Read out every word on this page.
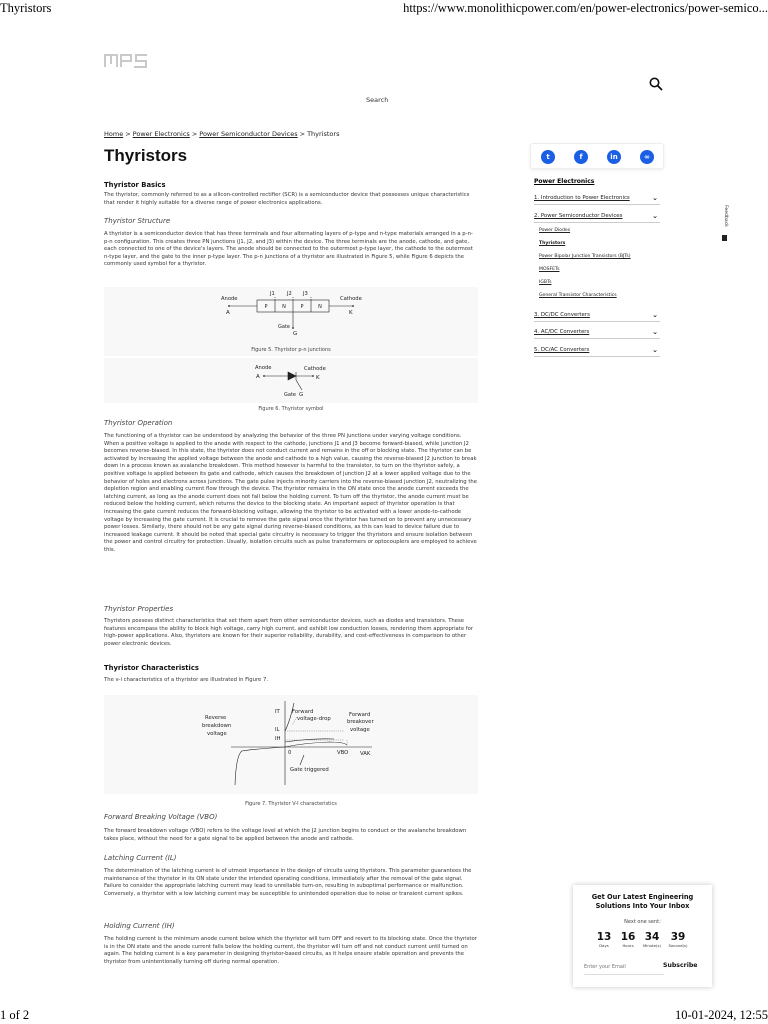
Thyristors	https://www.monolithicpower.com/en/power-electronics/power-semico...
Search
Home > Power Electronics > Power Semiconductor Devices > Thyristors
Thyristors	t	f	in	∞
Thyristor Basics
The thyristor, commonly referred to as a silicon-controlled rectifier (SCR) is a semiconductor device that possesses unique characteristics that render it highly suitable for a diverse range of power electronics applications.
Thyristor Structure
A thyristor is a semiconductor device that has three terminals and four alternating layers of p-type and n-type materials arranged in a p-n-p-n configuration. This creates three PN junctions (J1, J2, and J3) within the device. The three terminals are the anode, cathode, and gate, each connected to one of the device's layers. The anode should be connected to the outermost p-type layer, the cathode to the outermost n-type layer, and the gate to the inner p-type layer. The p-n junctions of a thyristor are illustrated in Figure 5, while Figure 6 depicts the commonly used symbol for a thyristor.
Anode	Cathode
J1 J2 J3
A	K
Gate
G
P	N	P	N
Figure 5. Thyristor p-n junctions
Anode	Cathode
A	K
Gate G
Figure 6. Thyristor symbol
Thyristor Operation
The functioning of a thyristor can be understood by analyzing the behavior of the three PN junctions under varying voltage conditions. When a positive voltage is applied to the anode with respect to the cathode, junctions J1 and J3 become forward-biased, while junction J2 becomes reverse-biased. In this state, the thyristor does not conduct current and remains in the off or blocking state. The thyristor can be activated by increasing the applied voltage between the anode and cathode to a high value, causing the reverse-biased J2 junction to break down in a process known as avalanche breakdown. This method however is harmful to the transistor, to turn on the thyristor safely, a positive voltage is applied between its gate and cathode, which causes the breakdown of junction J2 at a lower applied voltage due to the behavior of holes and electrons across junctions. The gate pulse injects minority carriers into the reverse-biased junction J2, neutralizing the depletion region and enabling current flow through the device. The thyristor remains in the ON state once the anode current exceeds the latching current, as long as the anode current does not fall below the holding current. To turn off the thyristor, the anode current must be reduced below the holding current, which returns the device to the blocking state. An important aspect of thyristor operation is that increasing the gate current reduces the forward-blocking voltage, allowing the thyristor to be activated with a lower anode-to-cathode voltage by increasing the gate current. It is crucial to remove the gate signal once the thyristor has turned on to prevent any unnecessary power losses. Similarly, there should not be any gate signal during reverse-biased conditions, as this can lead to device failure due to increased leakage current. It should be noted that special gate circuitry is necessary to trigger the thyristors and ensure isolation between the power and control circuitry for protection. Usually, isolation circuits such as pulse transformers or optocouplers are employed to achieve this.
Thyristor Properties
Thyristors possess distinct characteristics that set them apart from other semiconductor devices, such as diodes and transistors. These features encompass the ability to block high voltage, carry high current, and exhibit low conduction losses, rendering them appropriate for high-power applications. Also, thyristors are known for their superior reliability, durability, and cost-effectiveness in comparison to other power electronic devices.
Thyristor Characteristics
The v-i characteristics of a thyristor are illustrated in Figure 7.
Reverse
breakdown
voltage
Forward
voltage-drop
Forward
breakover
voltage
IT
IL
IH
0	VBO VAK
Gate triggered
Figure 7. Thyristor V-I characteristics
Forward Breaking Voltage (VBO)
The forward breakdown voltage (VBO) refers to the voltage level at which the J2 junction begins to conduct or the avalanche breakdown takes place, without the need for a gate signal to be applied between the anode and cathode.
Latching Current (IL)
The determination of the latching current is of utmost importance in the design of circuits using thyristors. This parameter guarantees the maintenance of the thyristor in its ON state under the intended operating conditions, immediately after the removal of the gate signal. Failure to consider the appropriate latching current may lead to unreliable turn-on, resulting in suboptimal performance or malfunction. Conversely, a thyristor with a low latching current may be susceptible to unintended operation due to noise or transient current spikes.
Holding Current (IH)
The holding current is the minimum anode current below which the thyristor will turn OFF and revert to its blocking state. Once the thyristor is in the ON state and the anode current falls below the holding current, the thyristor will turn off and not conduct current until turned on again. The holding current is a key parameter in designing thyristor-based circuits, as it helps ensure stable operation and prevents the thyristor from unintentionally turning off during normal operation.
Power Electronics
1. Introduction to Power Electronics	⌄
2. Power Semiconductor Devices	⌄
Power Diodes
Thyristors
Power Bipolar Junction Transistors (BJTs)
MOSFETs
IGBTs
General Transistor Characteristics
3. DC/DC Converters	⌄
4. AC/DC Converters	⌄
5. DC/AC Converters	⌄
Feedback
Get Our Latest Engineering
Solutions Into Your Inbox
Next one sent:
13
Days
16
Hours
34
Minute(s)
39
Second(s)
Enter your Email
Subscribe
1 of 2	10-01-2024, 12:55
